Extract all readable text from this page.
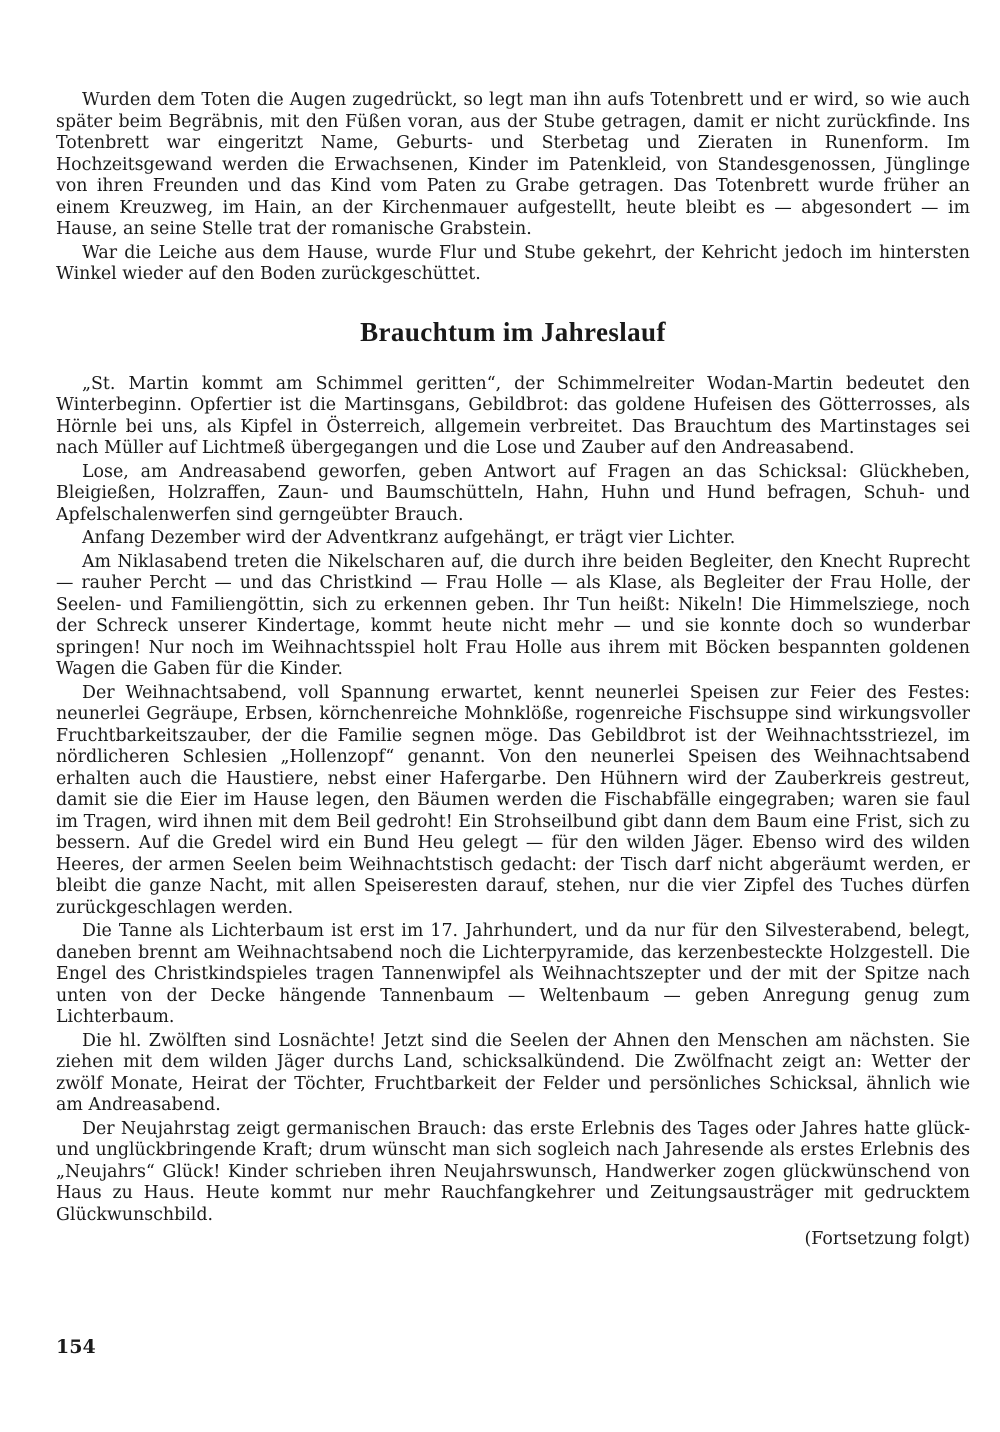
Wurden dem Toten die Augen zugedrückt, so legt man ihn aufs Totenbrett und er wird, so wie auch später beim Begräbnis, mit den Füßen voran, aus der Stube getragen, damit er nicht zurückfinde. Ins Totenbrett war eingeritzt Name, Geburts- und Sterbetag und Zieraten in Runenform. Im Hochzeitsgewand werden die Erwachsenen, Kinder im Patenkleid, von Standesgenossen, Jünglinge von ihren Freunden und das Kind vom Paten zu Grabe getragen. Das Totenbrett wurde früher an einem Kreuzweg, im Hain, an der Kirchenmauer aufgestellt, heute bleibt es — abgesondert — im Hause, an seine Stelle trat der romanische Grabstein.

War die Leiche aus dem Hause, wurde Flur und Stube gekehrt, der Kehricht jedoch im hintersten Winkel wieder auf den Boden zurückgeschüttet.

Brauchtum im Jahreslauf

„St. Martin kommt am Schimmel geritten“, der Schimmelreiter Wodan-Martin bedeutet den Winterbeginn. Opfertier ist die Martinsgans, Gebildbrot: das goldene Hufeisen des Götterrosses, als Hörnle bei uns, als Kipfel in Österreich, allgemein verbreitet. Das Brauchtum des Martinstages sei nach Müller auf Lichtmeß übergegangen und die Lose und Zauber auf den Andreasabend.

Lose, am Andreasabend geworfen, geben Antwort auf Fragen an das Schicksal: Glückheben, Bleigießen, Holzraffen, Zaun- und Baumschütteln, Hahn, Huhn und Hund befragen, Schuh- und Apfelschalenwerfen sind gerngeübter Brauch.

Anfang Dezember wird der Adventkranz aufgehängt, er trägt vier Lichter.

Am Niklasabend treten die Nikelscharen auf, die durch ihre beiden Begleiter, den Knecht Ruprecht — rauher Percht — und das Christkind — Frau Holle — als Klase, als Begleiter der Frau Holle, der Seelen- und Familiengöttin, sich zu erkennen geben. Ihr Tun heißt: Nikeln! Die Himmelsziege, noch der Schreck unserer Kindertage, kommt heute nicht mehr — und sie konnte doch so wunderbar springen! Nur noch im Weihnachtsspiel holt Frau Holle aus ihrem mit Böcken bespannten goldenen Wagen die Gaben für die Kinder.

Der Weihnachtsabend, voll Spannung erwartet, kennt neunerlei Speisen zur Feier des Festes: neunerlei Gegräupe, Erbsen, körnchenreiche Mohnklöße, rogenreiche Fischsuppe sind wirkungsvoller Fruchtbarkeitszauber, der die Familie segnen möge. Das Gebildbrot ist der Weihnachtsstriezel, im nördlicheren Schlesien „Hollenzopf“ genannt. Von den neunerlei Speisen des Weihnachtsabend erhalten auch die Haustiere, nebst einer Hafergarbe. Den Hühnern wird der Zauberkreis gestreut, damit sie die Eier im Hause legen, den Bäumen werden die Fischabfälle eingegraben; waren sie faul im Tragen, wird ihnen mit dem Beil gedroht! Ein Strohseilbund gibt dann dem Baum eine Frist, sich zu bessern. Auf die Gredel wird ein Bund Heu gelegt — für den wilden Jäger. Ebenso wird des wilden Heeres, der armen Seelen beim Weihnachtstisch gedacht: der Tisch darf nicht abgeräumt werden, er bleibt die ganze Nacht, mit allen Speiseresten darauf, stehen, nur die vier Zipfel des Tuches dürfen zurückgeschlagen werden.

Die Tanne als Lichterbaum ist erst im 17. Jahrhundert, und da nur für den Silvesterabend, belegt, daneben brennt am Weihnachtsabend noch die Lichterpyramide, das kerzenbesteckte Holzgestell. Die Engel des Christkindspieles tragen Tannenwipfel als Weihnachtszepter und der mit der Spitze nach unten von der Decke hängende Tannenbaum — Weltenbaum — geben Anregung genug zum Lichterbaum.

Die hl. Zwölften sind Losnächte! Jetzt sind die Seelen der Ahnen den Menschen am nächsten. Sie ziehen mit dem wilden Jäger durchs Land, schicksalkündend. Die Zwölfnacht zeigt an: Wetter der zwölf Monate, Heirat der Töchter, Fruchtbarkeit der Felder und persönliches Schicksal, ähnlich wie am Andreasabend.

Der Neujahrstag zeigt germanischen Brauch: das erste Erlebnis des Tages oder Jahres hatte glück- und unglückbringende Kraft; drum wünscht man sich sogleich nach Jahresende als erstes Erlebnis des „Neujahrs“ Glück! Kinder schrieben ihren Neujahrswunsch, Handwerker zogen glückwünschend von Haus zu Haus. Heute kommt nur mehr Rauchfangkehrer und Zeitungsausträger mit gedrucktem Glückwunschbild.

(Fortsetzung folgt)
154
